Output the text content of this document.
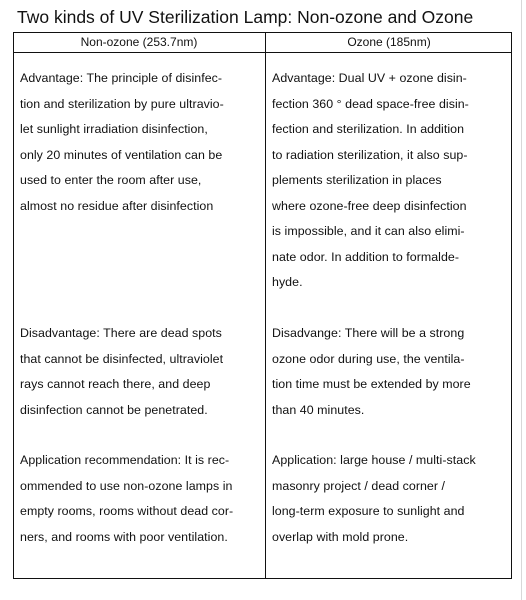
Two kinds of UV Sterilization Lamp: Non-ozone and Ozone
Non-ozone (253.7nm)	Ozone (185nm)
Advantage: The principle of disinfec-
tion and sterilization by pure ultravio-
let sunlight irradiation disinfection,
only 20 minutes of ventilation can be
used to enter the room after use,
almost no residue after disinfection
Advantage: Dual UV + ozone disin-
fection 360 ° dead space-free disin-
fection and sterilization. In addition
to radiation sterilization, it also sup-
plements sterilization in places
where ozone-free deep disinfection
is impossible, and it can also elimi-
nate odor. In addition to formalde-
hyde.
Disadvantage: There are dead spots
that cannot be disinfected, ultraviolet
rays cannot reach there, and deep
disinfection cannot be penetrated.
Disadvange: There will be a strong
ozone odor during use, the ventila-
tion time must be extended by more
than 40 minutes.
Application recommendation: It is rec-
ommended to use non-ozone lamps in
empty rooms, rooms without dead cor-
ners, and rooms with poor ventilation.
Application: large house / multi-stack
masonry project / dead corner /
long-term exposure to sunlight and
overlap with mold prone.
